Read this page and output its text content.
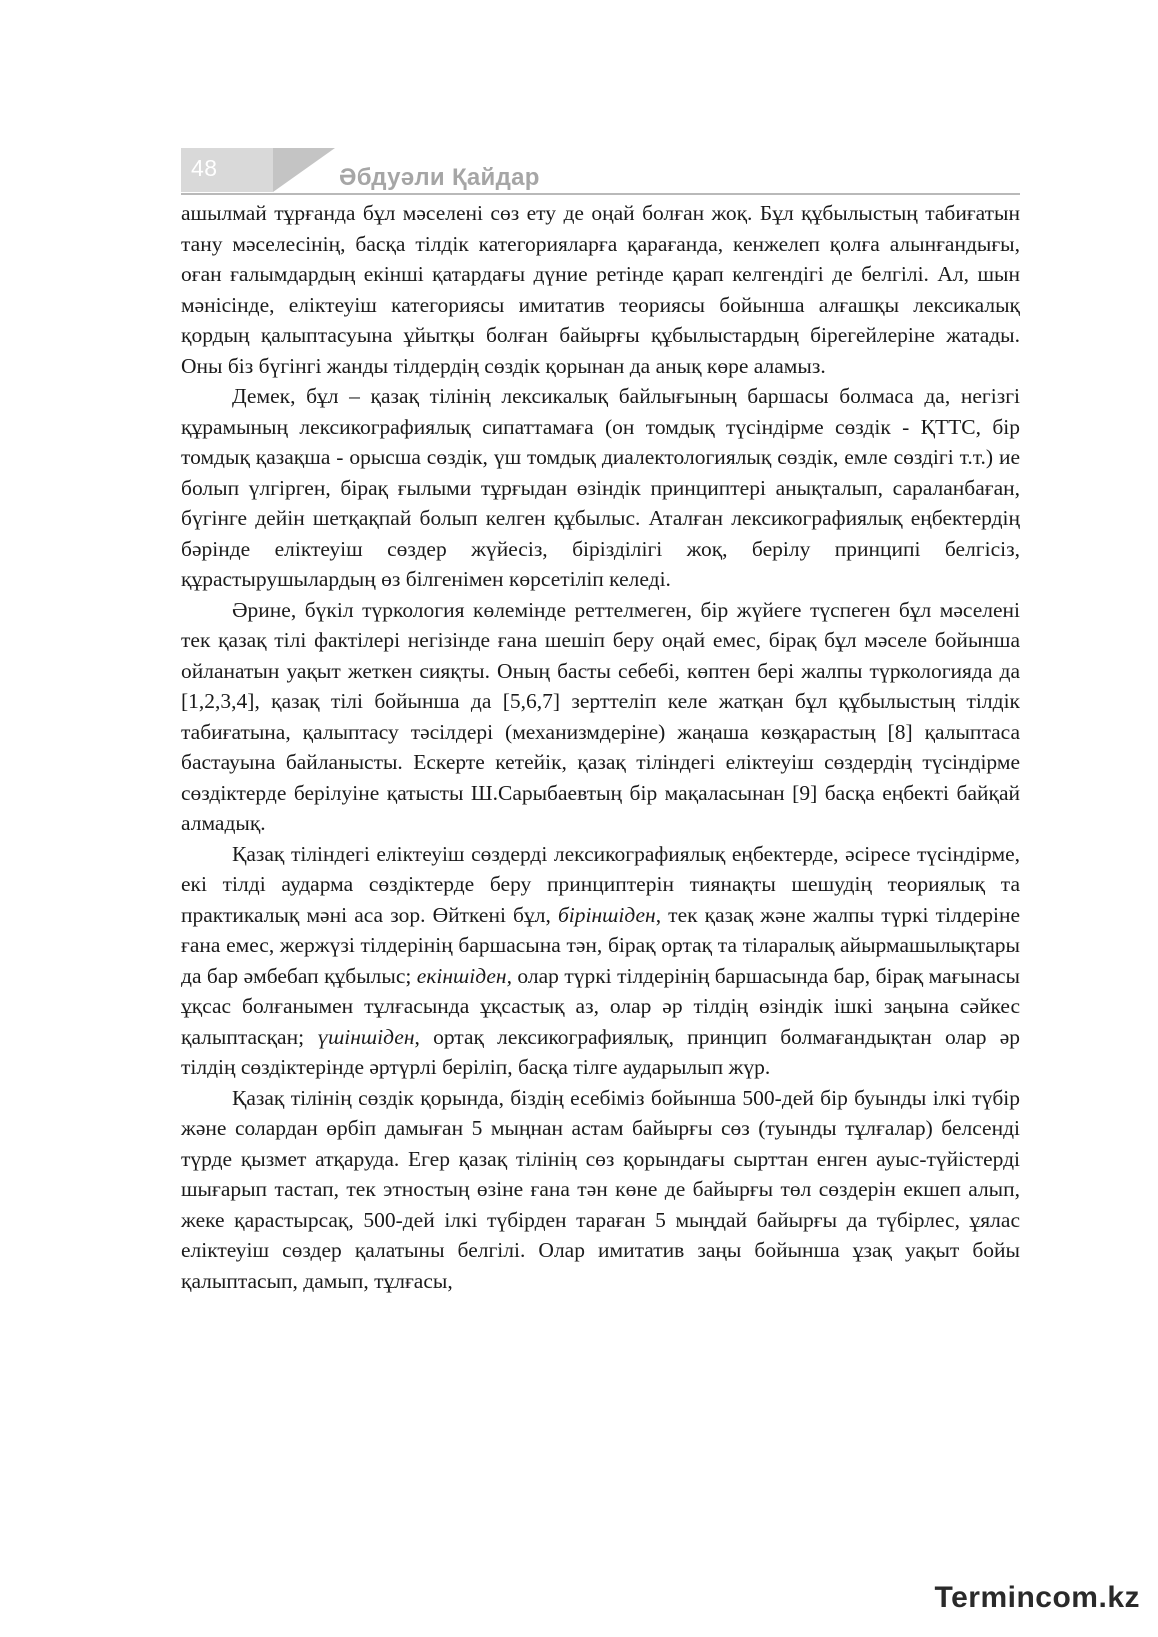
48	Әбдуәли Қайдар

ашылмай тұрғанда бұл мәселені сөз ету де оңай болған жоқ. Бұл құбылыстың табиғатын тану мәселесінің, басқа тілдік категорияларға қарағанда, кенжелеп қолға алынғандығы, оған ғалымдардың екінші қатардағы дүние ретінде қарап келгендігі де белгілі. Ал, шын мәнісінде, еліктеуіш категориясы имитатив теориясы бойынша алғашқы лексикалық қордың қалыптасуына ұйытқы болған байырғы құбылыстардың бірегейлеріне жатады. Оны біз бүгінгі жанды тілдердің сөздік қорынан да анық көре аламыз.

Демек, бұл – қазақ тілінің лексикалық байлығының баршасы болмаса да, негізгі құрамының лексикографиялық сипаттамаға (он томдық түсіндірме сөздік - ҚТТС, бір томдық қазақша - орысша сөздік, үш томдық диалектологиялық сөздік, емле сөздігі т.т.) ие болып үлгірген, бірақ ғылыми тұрғыдан өзіндік принциптері анықталып, сараланбаған, бүгінге дейін шетқақпай болып келген құбылыс. Аталған лексикографиялық еңбектердің бәрінде еліктеуіш сөздер жүйесіз, бірізділігі жоқ, берілу принципі белгісіз, құрастырушылардың өз білгенімен көрсетіліп келеді.

Әрине, бүкіл түркология көлемінде реттелмеген, бір жүйеге түспеген бұл мәселені тек қазақ тілі фактілері негізінде ғана шешіп беру оңай емес, бірақ бұл мәселе бойынша ойланатын уақыт жеткен сияқты. Оның басты себебі, көптен бері жалпы түркологияда да [1,2,3,4], қазақ тілі бойынша да [5,6,7] зерттеліп келе жатқан бұл құбылыстың тілдік табиғатына, қалыптасу тәсілдері (механизмдеріне) жаңаша көзқарастың [8] қалыптаса бастауына байланысты. Ескерте кетейік, қазақ тіліндегі еліктеуіш сөздердің түсіндірме сөздіктерде берілуіне қатысты Ш.Сарыбаевтың бір мақаласынан [9] басқа еңбекті байқай алмадық.

Қазақ тіліндегі еліктеуіш сөздерді лексикографиялық еңбектерде, әсіресе түсіндірме, екі тілді аударма сөздіктерде беру принциптерін тиянақты шешудің теориялық та практикалық мәні аса зор. Өйткені бұл, біріншіден, тек қазақ және жалпы түркі тілдеріне ғана емес, жержүзі тілдерінің баршасына тән, бірақ ортақ та тіларалық айырмашылықтары да бар әмбебап құбылыс; екіншіден, олар түркі тілдерінің баршасында бар, бірақ мағынасы ұқсас болғанымен тұлғасында ұқсастық аз, олар әр тілдің өзіндік ішкі заңына сәйкес қалыптасқан; үшіншіден, ортақ лексикографиялық, принцип болмағандықтан олар әр тілдің сөздіктерінде әртүрлі беріліп, басқа тілге аударылып жүр.

Қазақ тілінің сөздік қорында, біздің есебіміз бойынша 500-дей бір буынды ілкі түбір және солардан өрбіп дамыған 5 мыңнан астам байырғы сөз (туынды тұлғалар) белсенді түрде қызмет атқаруда. Егер қазақ тілінің сөз қорындағы сырттан енген ауыс-түйістерді шығарып тастап, тек этностың өзіне ғана тән көне де байырғы төл сөздерін екшеп алып, жеке қарастырсақ, 500-дей ілкі түбірден тараған 5 мыңдай байырғы да түбірлес, ұялас еліктеуіш сөздер қалатыны белгілі. Олар имитатив заңы бойынша ұзақ уақыт бойы қалыптасып, дамып, тұлғасы,

Termincom.kz
